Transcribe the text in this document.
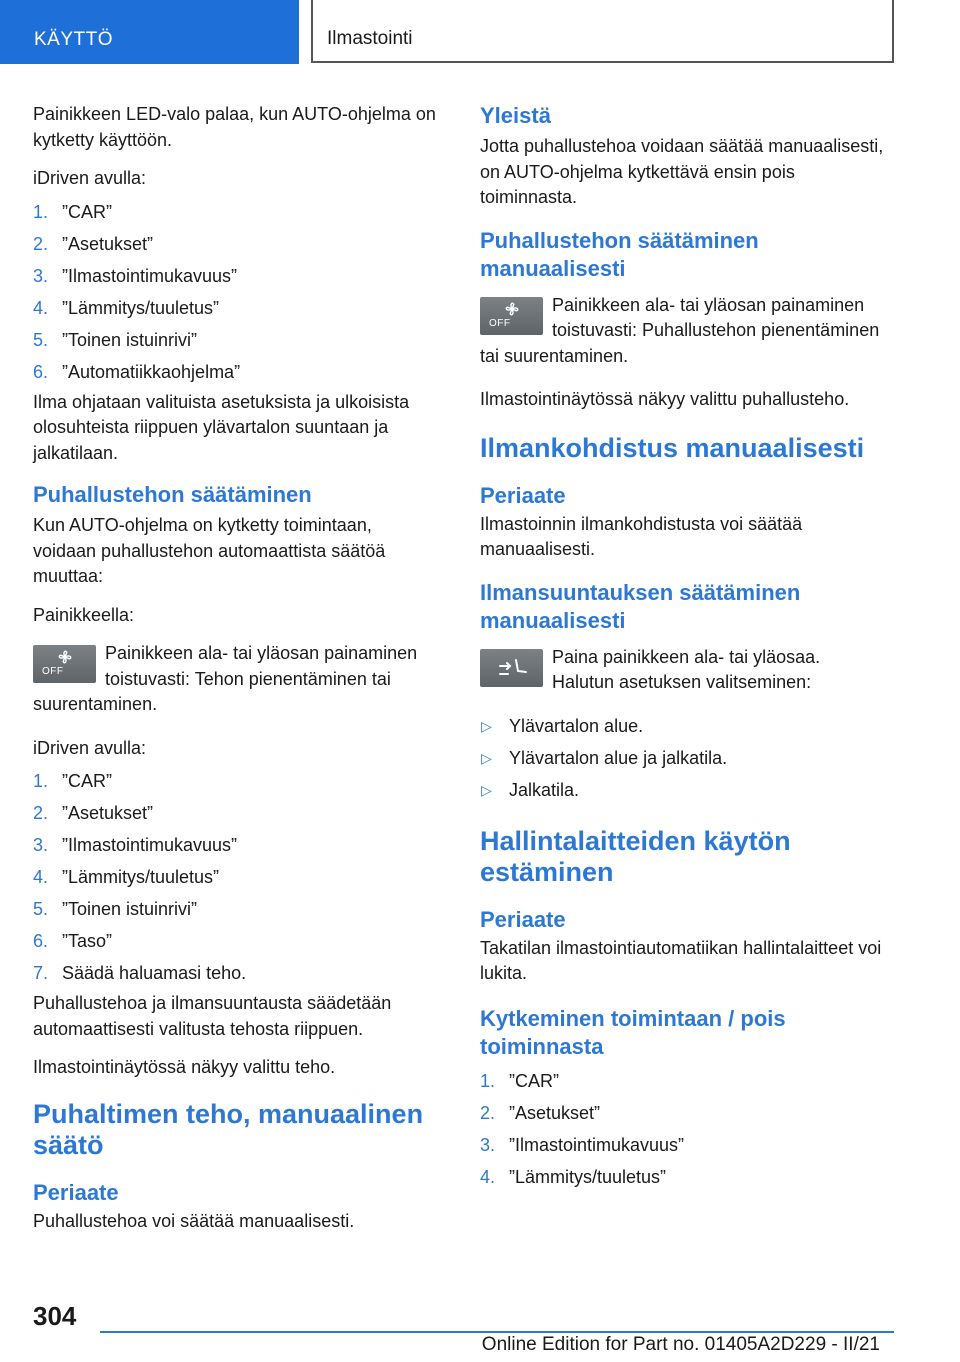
KÄYTTÖ	Ilmastointi

Painikkeen LED-valo palaa, kun AUTO-ohjelma on kytketty käyttöön.

iDriven avulla:

1. ”CAR”
2. ”Asetukset”
3. ”Ilmastointimukavuus”
4. ”Lämmitys/tuuletus”
5. ”Toinen istuinrivi”
6. ”Automatiikkaohjelma”

Ilma ohjataan valituista asetuksista ja ulkoisista olosuhteista riippuen ylävartalon suuntaan ja jalkatilaan.

Puhallustehon säätäminen

Kun AUTO-ohjelma on kytketty toimintaan, voidaan puhallustehon automaattista säätöä muuttaa:

Painikkeella:

OFF

Painikkeen ala- tai yläosan painaminen toistuvasti: Tehon pienentäminen tai suurentaminen.

iDriven avulla:

1. ”CAR”
2. ”Asetukset”
3. ”Ilmastointimukavuus”
4. ”Lämmitys/tuuletus”
5. ”Toinen istuinrivi”
6. ”Taso”
7. Säädä haluamasi teho.

Puhallustehoa ja ilmansuuntausta säädetään automaattisesti valitusta tehosta riippuen.

Ilmastointinäytössä näkyy valittu teho.

Puhaltimen teho, manuaalinen säätö

Periaate

Puhallustehoa voi säätää manuaalisesti.

Yleistä

Jotta puhallustehoa voidaan säätää manuaalisesti, on AUTO-ohjelma kytkettävä ensin pois toiminnasta.

Puhallustehon säätäminen manuaalisesti

OFF

Painikkeen ala- tai yläosan painaminen toistuvasti: Puhallustehon pienentäminen tai suurentaminen.

Ilmastointinäytössä näkyy valittu puhallusteho.

Ilmankohdistus manuaalisesti

Periaate

Ilmastoinnin ilmankohdistusta voi säätää manuaalisesti.

Ilmansuuntauksen säätäminen manuaalisesti

Paina painikkeen ala- tai yläosaa. Halutun asetuksen valitseminen:

▷ Ylävartalon alue.
▷ Ylävartalon alue ja jalkatila.
▷ Jalkatila.

Hallintalaitteiden käytön estäminen

Periaate

Takatilan ilmastointiautomatiikan hallintalaitteet voi lukita.

Kytkeminen toimintaan / pois toiminnasta

1. ”CAR”
2. ”Asetukset”
3. ”Ilmastointimukavuus”
4. ”Lämmitys/tuuletus”
304
Online Edition for Part no. 01405A2D229 - II/21
